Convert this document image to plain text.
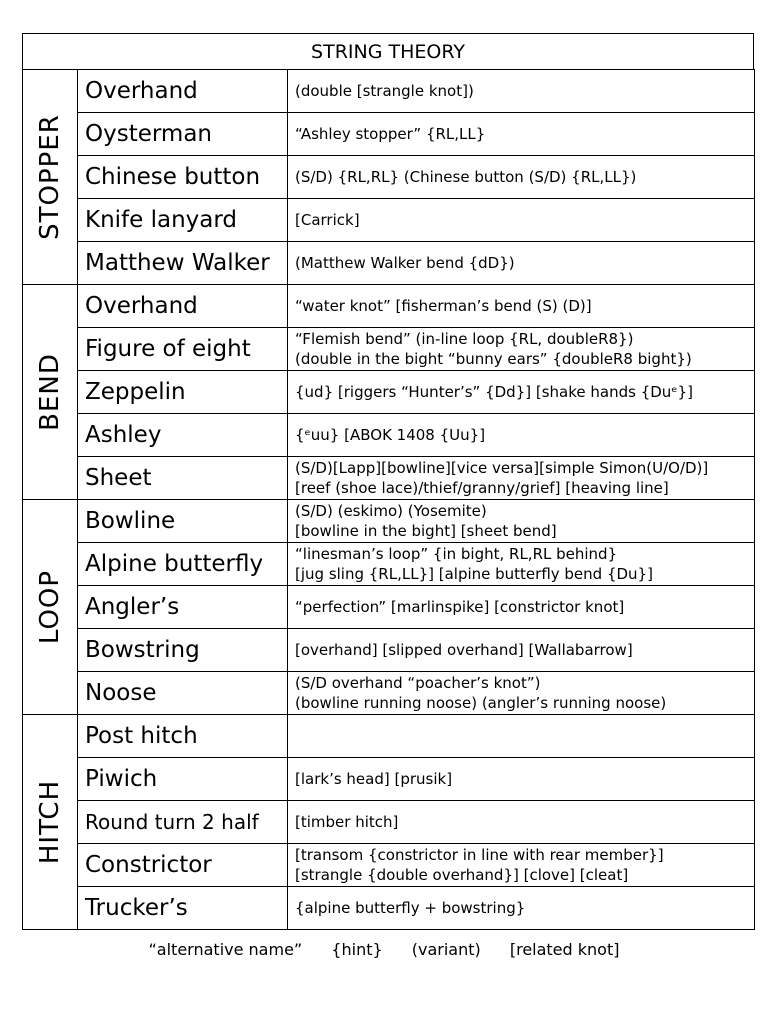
STRING THEORY
STOPPER	Overhand	(double [strangle knot])

	Oysterman	“Ashley stopper” {RL,LL}

	Chinese button	(S/D) {RL,RL} (Chinese button (S/D) {RL,LL})

	Knife lanyard	[Carrick]

	Matthew Walker	(Matthew Walker bend {dD})

BEND	Overhand	“water knot” [fisherman’s bend (S) (D)]

	Figure of eight	“Flemish bend” (in-line loop {RL, doubleR8})
(double in the bight “bunny ears” {doubleR8 bight})

	Zeppelin	{ud} [riggers “Hunter’s” {Dd}] [shake hands {Duᵉ}]

	Ashley	{ᵉuu} [ABOK 1408 {Uu}]

	Sheet	(S/D)[Lapp][bowline][vice versa][simple Simon(U/O/D)]
[reef (shoe lace)/thief/granny/grief] [heaving line]

LOOP	Bowline	(S/D) (eskimo) (Yosemite)
[bowline in the bight] [sheet bend]

	Alpine butterfly	“linesman’s loop” {in bight, RL,RL behind}
[jug sling {RL,LL}] [alpine butterfly bend {Du}]

	Angler’s	“perfection” [marlinspike] [constrictor knot]

	Bowstring	[overhand] [slipped overhand] [Wallabarrow]

	Noose	(S/D overhand “poacher’s knot”)
(bowline running noose) (angler’s running noose)

HITCH	Post hitch	
	Piwich	[lark’s head] [prusik]

	Round turn 2 half	[timber hitch]

	Constrictor	[transom {constrictor in line with rear member}]
[strangle {double overhand}] [clove] [cleat]

	Trucker’s	{alpine butterfly + bowstring}
“alternative name” {hint} (variant) [related knot]
